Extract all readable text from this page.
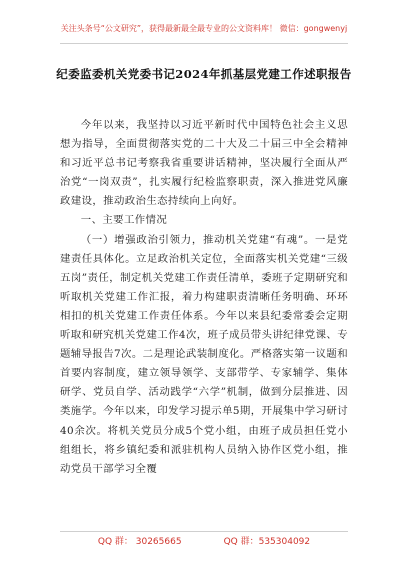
关注头条号“公文研究”，获得最新最全最专业的公文资料库！ 微信：gongwenyj
纪委监委机关党委书记2024年抓基层党建工作述职报告

今年以来，我坚持以习近平新时代中国特色社会主义思想为指导，全面贯彻落实党的二十大及二十届三中全会精神和习近平总书记考察我省重要讲话精神，坚决履行全面从严治党“一岗双责”，扎实履行纪检监察职责，深入推进党风廉政建设，推动政治生态持续向上向好。

一、主要工作情况

（一）增强政治引领力，推动机关党建“有魂”。一是党建责任具体化。立足政治机关定位，全面落实机关党建“三级五岗”责任，制定机关党建工作责任清单，委班子定期研究和听取机关党建工作汇报，着力构建职责清晰任务明确、环环相扣的机关党建工作责任体系。今年以来县纪委常委会定期听取和研究机关党建工作4次，班子成员带头讲纪律党课、专题辅导报告7次。二是理论武装制度化。严格落实第一议题和首要内容制度，建立领导领学、支部带学、专家辅学、集体研学、党员自学、活动践学“六学”机制，做到分层推进、因类施学。今年以来，印发学习提示单5期，开展集中学习研讨40余次。将机关党员分成5个党小组，由班子成员担任党小组组长，将乡镇纪委和派驻机构人员纳入协作区党小组，推动党员干部学习全覆

QQ 群： 30265665	QQ 群：535304092
